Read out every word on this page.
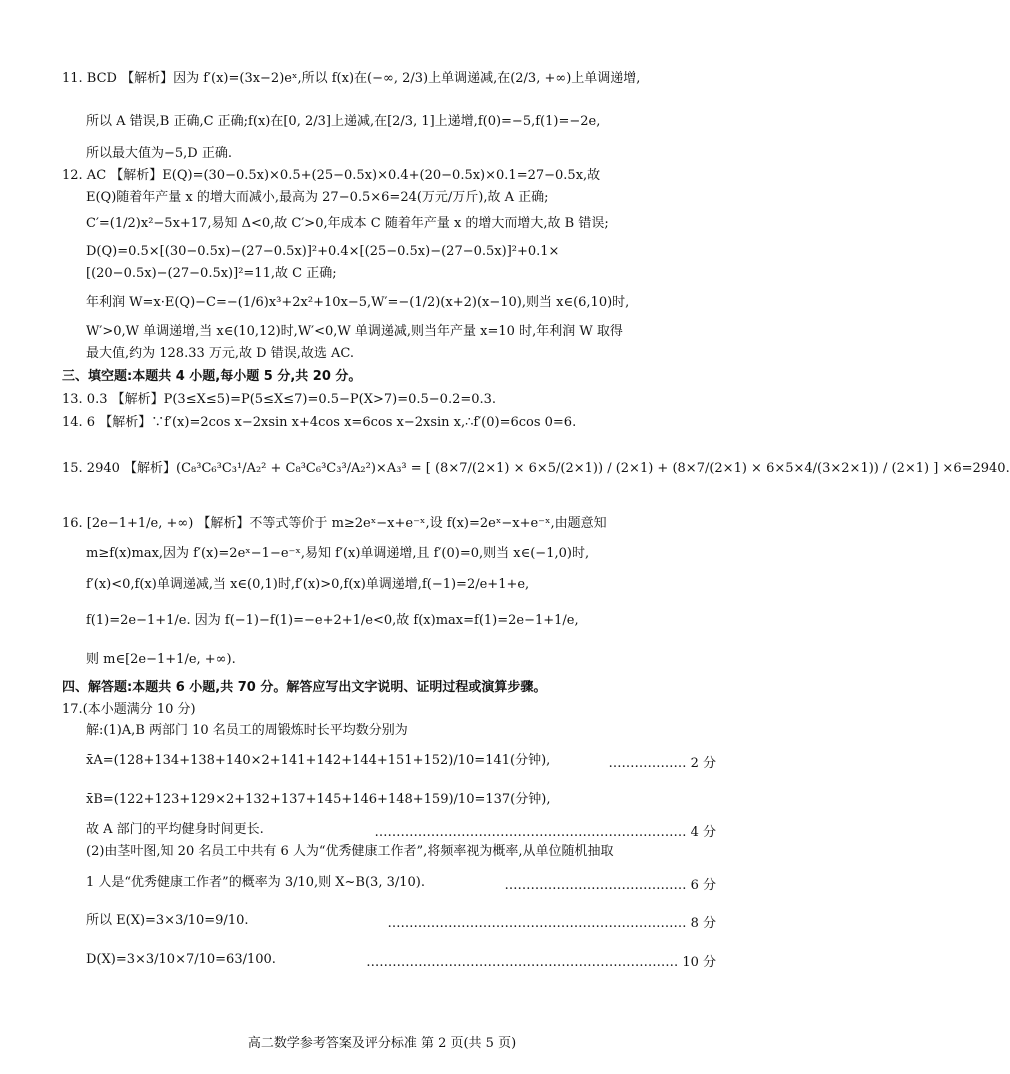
高二数学参考答案及评分标准 第 2 页(共 5 页)
11. BCD 【解析】因为 f′(x)=(3x−2)eˣ,所以 f(x)在(−∞, 2/3)上单调递减,在(2/3, +∞)上单调递增,
所以 A 错误,B 正确,C 正确;f(x)在[0, 2/3]上递减,在[2/3, 1]上递增,f(0)=−5,f(1)=−2e,
所以最大值为−5,D 正确.
12. AC 【解析】E(Q)=(30−0.5x)×0.5+(25−0.5x)×0.4+(20−0.5x)×0.1=27−0.5x,故
E(Q)随着年产量 x 的增大而减小,最高为 27−0.5×6=24(万元/万斤),故 A 正确;
C′=(1/2)x²−5x+17,易知 Δ<0,故 C′>0,年成本 C 随着年产量 x 的增大而增大,故 B 错误;
D(Q)=0.5×[(30−0.5x)−(27−0.5x)]²+0.4×[(25−0.5x)−(27−0.5x)]²+0.1×
[(20−0.5x)−(27−0.5x)]²=11,故 C 正确;
年利润 W=x·E(Q)−C=−(1/6)x³+2x²+10x−5,W′=−(1/2)(x+2)(x−10),则当 x∈(6,10)时,
W′>0,W 单调递增,当 x∈(10,12)时,W′<0,W 单调递减,则当年产量 x=10 时,年利润 W 取得
最大值,约为 128.33 万元,故 D 错误,故选 AC.
三、填空题:本题共 4 小题,每小题 5 分,共 20 分。
13. 0.3 【解析】P(3≤X≤5)=P(5≤X≤7)=0.5−P(X>7)=0.5−0.2=0.3.
14. 6 【解析】∵f′(x)=2cos x−2xsin x+4cos x=6cos x−2xsin x,∴f′(0)=6cos 0=6.
15. 2940 【解析】(C₈³C₆³C₃¹/A₂² + C₈³C₆³C₃³/A₂²)×A₃³ = [ (8×7/(2×1) × 6×5/(2×1)) / (2×1) + (8×7/(2×1) × 6×5×4/(3×2×1)) / (2×1) ] ×6=2940.
16. [2e−1+1/e, +∞) 【解析】不等式等价于 m≥2eˣ−x+e⁻ˣ,设 f(x)=2eˣ−x+e⁻ˣ,由题意知
m≥f(x)max,因为 f′(x)=2eˣ−1−e⁻ˣ,易知 f′(x)单调递增,且 f′(0)=0,则当 x∈(−1,0)时,
f′(x)<0,f(x)单调递减,当 x∈(0,1)时,f′(x)>0,f(x)单调递增,f(−1)=2/e+1+e,
f(1)=2e−1+1/e. 因为 f(−1)−f(1)=−e+2+1/e<0,故 f(x)max=f(1)=2e−1+1/e,
则 m∈[2e−1+1/e, +∞).
四、解答题:本题共 6 小题,共 70 分。解答应写出文字说明、证明过程或演算步骤。
17.(本小题满分 10 分)
解:(1)A,B 两部门 10 名员工的周锻炼时长平均数分别为
x̄A=(128+134+138+140×2+141+142+144+151+152)/10=141(分钟),
x̄B=(122+123+129×2+132+137+145+146+148+159)/10=137(分钟),
故 A 部门的平均健身时间更长.
(2)由茎叶图,知 20 名员工中共有 6 人为“优秀健康工作者”,将频率视为概率,从单位随机抽取
1 人是“优秀健康工作者”的概率为 3/10,则 X~B(3, 3/10).
所以 E(X)=3×3/10=9/10.
D(X)=3×3/10×7/10=63/100.
……………… 2 分
……………………………………………………………… 4 分
…………………………………… 6 分
…………………………………………………………… 8 分
……………………………………………………………… 10 分
